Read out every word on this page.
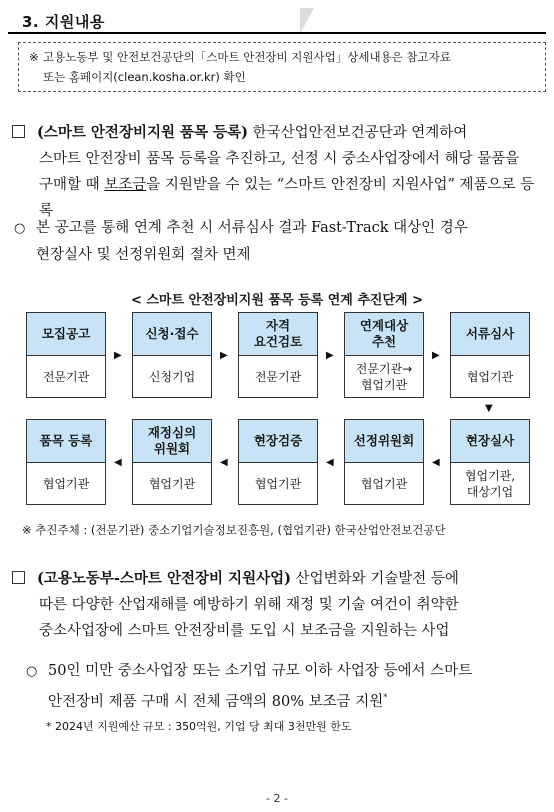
3. 지원내용
※ 고용노동부 및 안전보건공단의「스마트 안전장비 지원사업」상세내용은 참고자료
또는 홈페이지(clean.kosha.or.kr) 확인
(스마트 안전장비지원 품목 등록) 한국산업안전보건공단과 연계하여
스마트 안전장비 품목 등록을 추진하고, 선정 시 중소사업장에서 해당 물품을
구매할 때 보조금을 지원받을 수 있는 “스마트 안전장비 지원사업” 제품으로 등록
○ 본 공고를 통해 연계 추천 시 서류심사 결과 Fast-Track 대상인 경우
현장실사 및 선정위원회 절차 면제
< 스마트 안전장비지원 품목 등록 연계 추진단계 >
모집공고
전문기관
신청·접수
신청기업
자격
요건검토
전문기관
연계대상
추천
전문기관→
협업기관
서류심사
협업기관
품목 등록
협업기관
재정심의
위원회
협업기관
현장검증
협업기관
선정위원회
협업기관
현장실사
협업기관,
대상기업
▶	▶	▶	▶
▼
◀	◀	◀	◀
※ 추진주체 : (전문기관) 중소기업기술정보진흥원, (협업기관) 한국산업안전보건공단
(고용노동부-스마트 안전장비 지원사업) 산업변화와 기술발전 등에
따른 다양한 산업재해를 예방하기 위해 재정 및 기술 여건이 취약한
중소사업장에 스마트 안전장비를 도입 시 보조금을 지원하는 사업
○ 50인 미만 중소사업장 또는 소기업 규모 이하 사업장 등에서 스마트
안전장비 제품 구매 시 전체 금액의 80% 보조금 지원*
* 2024년 지원예산 규모 : 350억원, 기업 당 최대 3천만원 한도
- 2 -
